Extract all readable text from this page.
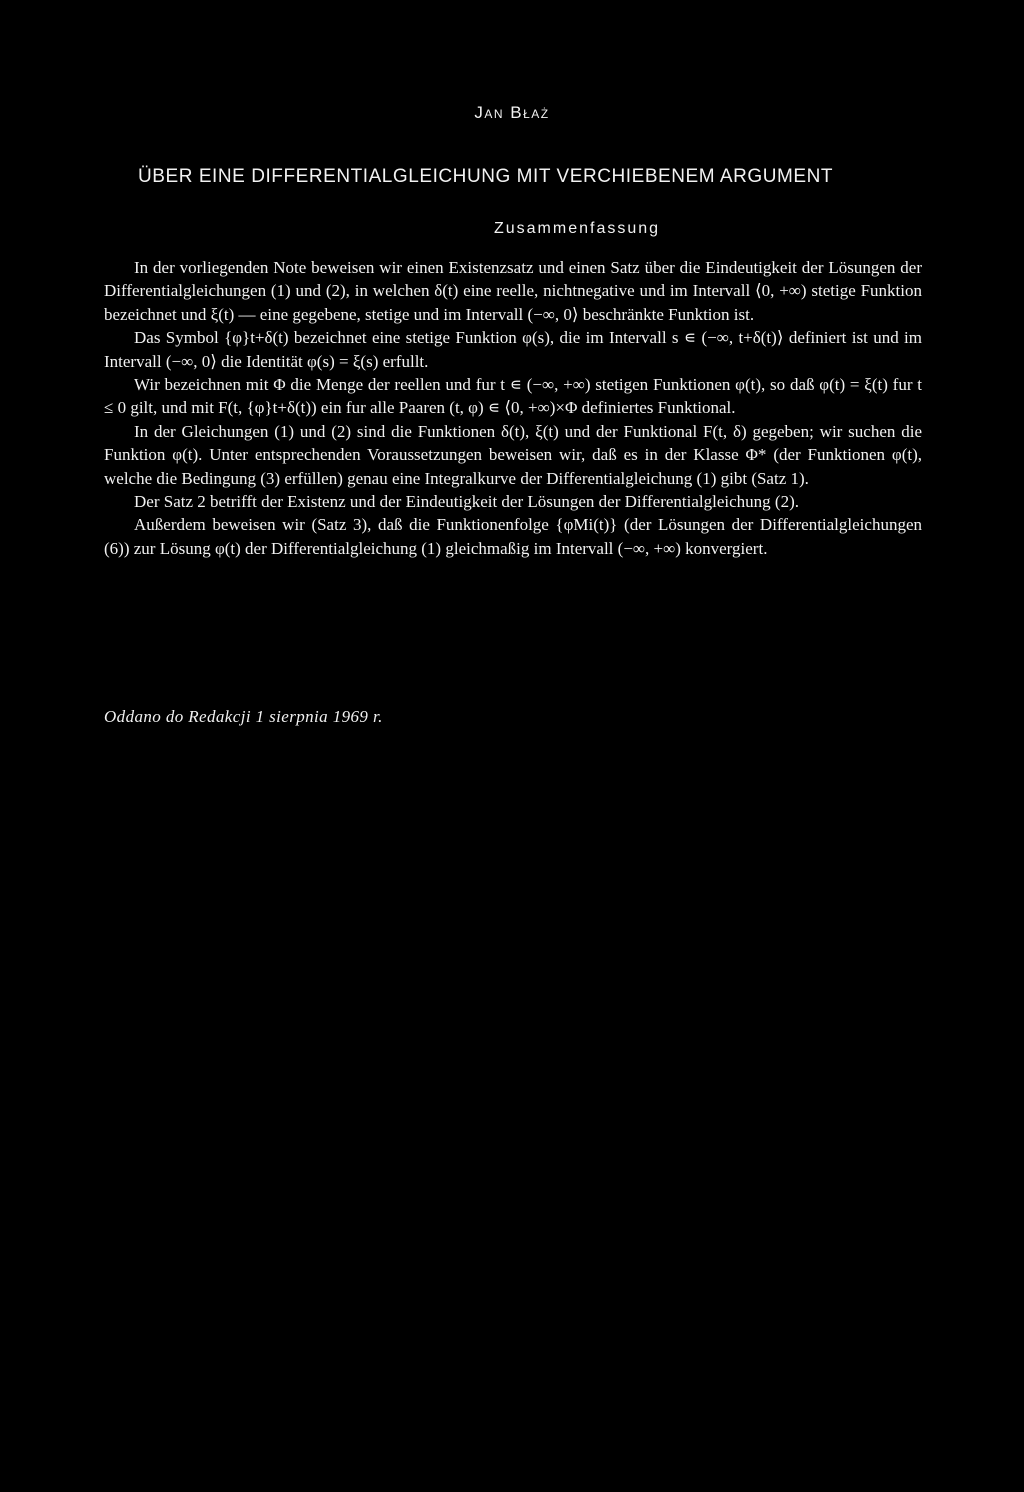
Jan Błaż
ÜBER EINE DIFFERENTIALGLEICHUNG MIT VERCHIEBENEM ARGUMENT
Zusammenfassung

In der vorliegenden Note beweisen wir einen Existenzsatz und einen Satz über die Eindeutigkeit der Lösungen der Differentialgleichungen (1) und (2), in welchen δ(t) eine reelle, nichtnegative und im Intervall ⟨0, +∞) stetige Funktion bezeichnet und ξ(t) — eine gegebene, stetige und im Intervall (−∞, 0⟩ beschränkte Funktion ist.

Das Symbol {φ}t+δ(t) bezeichnet eine stetige Funktion φ(s), die im Intervall s ∊ (−∞, t+δ(t)⟩ definiert ist und im Intervall (−∞, 0⟩ die Identität φ(s) = ξ(s) erfullt.

Wir bezeichnen mit Φ die Menge der reellen und fur t ∊ (−∞, +∞) stetigen Funktionen φ(t), so daß φ(t) = ξ(t) fur t ≤ 0 gilt, und mit F(t, {φ}t+δ(t)) ein fur alle Paaren (t, φ) ∊ ⟨0, +∞)×Φ definiertes Funktional.

In der Gleichungen (1) und (2) sind die Funktionen δ(t), ξ(t) und der Funktional F(t, δ) gegeben; wir suchen die Funktion φ(t). Unter entsprechenden Voraussetzungen beweisen wir, daß es in der Klasse Φ* (der Funktionen φ(t), welche die Bedingung (3) erfüllen) genau eine Integralkurve der Differentialgleichung (1) gibt (Satz 1).

Der Satz 2 betrifft der Existenz und der Eindeutigkeit der Lösungen der Differentialgleichung (2).

Außerdem beweisen wir (Satz 3), daß die Funktionenfolge {φMi(t)} (der Lösungen der Differentialgleichungen (6)) zur Lösung φ(t) der Differentialgleichung (1) gleichmaßig im Intervall (−∞, +∞) konvergiert.

Oddano do Redakcji 1 sierpnia 1969 r.
